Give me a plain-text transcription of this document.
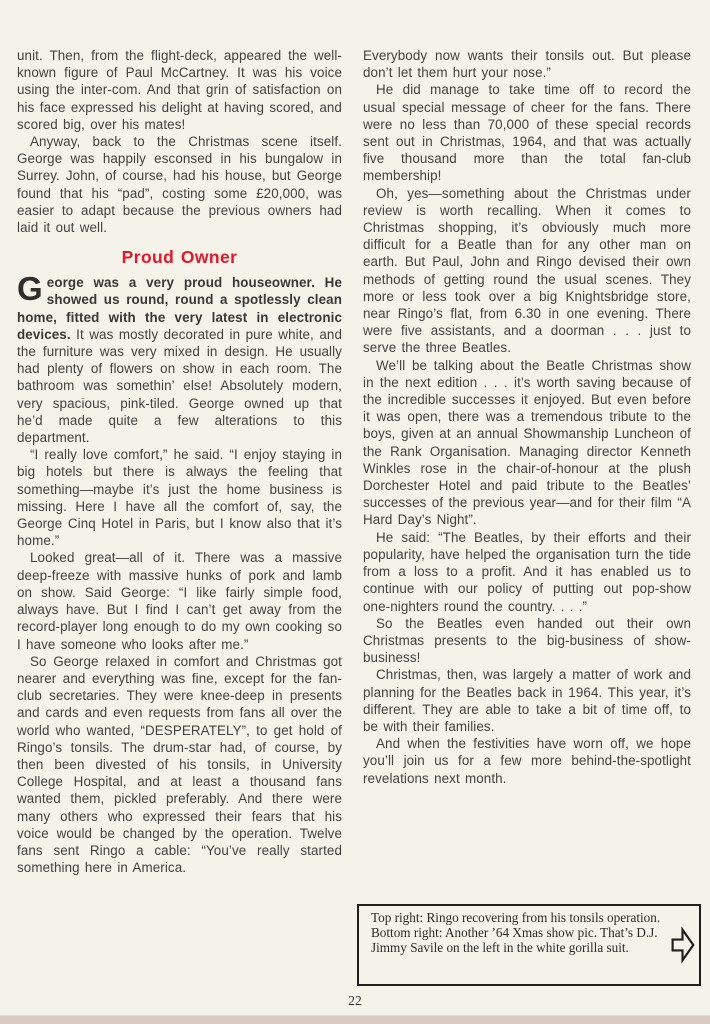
unit. Then, from the flight-deck, appeared the well-known figure of Paul McCartney. It was his voice using the inter-com. And that grin of satisfaction on his face expressed his delight at having scored, and scored big, over his mates!

Anyway, back to the Christmas scene itself. George was happily esconsed in his bungalow in Surrey. John, of course, had his house, but George found that his “pad”, costing some £20,000, was easier to adapt because the previous owners had laid it out well.

Proud Owner

George was a very proud houseowner. He showed us round, round a spotlessly clean home, fitted with the very latest in electronic devices. It was mostly decorated in pure white, and the furniture was very mixed in design. He usually had plenty of flowers on show in each room. The bathroom was somethin’ else! Absolutely modern, very spacious, pink-tiled. George owned up that he’d made quite a few alterations to this department.

“I really love comfort,” he said. “I enjoy staying in big hotels but there is always the feeling that something—maybe it’s just the home business is missing. Here I have all the comfort of, say, the George Cinq Hotel in Paris, but I know also that it’s home.”

Looked great—all of it. There was a massive deep-freeze with massive hunks of pork and lamb on show. Said George: “I like fairly simple food, always have. But I find I can’t get away from the record-player long enough to do my own cooking so I have someone who looks after me.”

So George relaxed in comfort and Christmas got nearer and everything was fine, except for the fan-club secretaries. They were knee-deep in presents and cards and even requests from fans all over the world who wanted, “DESPERATELY”, to get hold of Ringo’s tonsils. The drum-star had, of course, by then been divested of his tonsils, in University College Hospital, and at least a thousand fans wanted them, pickled preferably. And there were many others who expressed their fears that his voice would be changed by the operation. Twelve fans sent Ringo a cable: “You’ve really started something here in America.

Everybody now wants their tonsils out. But please don’t let them hurt your nose.”

He did manage to take time off to record the usual special message of cheer for the fans. There were no less than 70,000 of these special records sent out in Christmas, 1964, and that was actually five thousand more than the total fan-club membership!

Oh, yes—something about the Christmas under review is worth recalling. When it comes to Christmas shopping, it’s obviously much more difficult for a Beatle than for any other man on earth. But Paul, John and Ringo devised their own methods of getting round the usual scenes. They more or less took over a big Knightsbridge store, near Ringo’s flat, from 6.30 in one evening. There were five assistants, and a doorman . . . just to serve the three Beatles.

We’ll be talking about the Beatle Christmas show in the next edition . . . it’s worth saving because of the incredible successes it enjoyed. But even before it was open, there was a tremendous tribute to the boys, given at an annual Showmanship Luncheon of the Rank Organisation. Managing director Kenneth Winkles rose in the chair-of-honour at the plush Dorchester Hotel and paid tribute to the Beatles’ successes of the previous year—and for their film “A Hard Day’s Night”.

He said: “The Beatles, by their efforts and their popularity, have helped the organisation turn the tide from a loss to a profit. And it has enabled us to continue with our policy of putting out pop-show one-nighters round the country. . . .”

So the Beatles even handed out their own Christmas presents to the big-business of show-business!

Christmas, then, was largely a matter of work and planning for the Beatles back in 1964. This year, it’s different. They are able to take a bit of time off, to be with their families.

And when the festivities have worn off, we hope you’ll join us for a few more behind-the-spotlight revelations next month.

Top right: Ringo recovering from his tonsils operation.

Bottom right: Another ’64 Xmas show pic. That’s D.J. Jimmy Savile on the left in the white gorilla suit.

22
